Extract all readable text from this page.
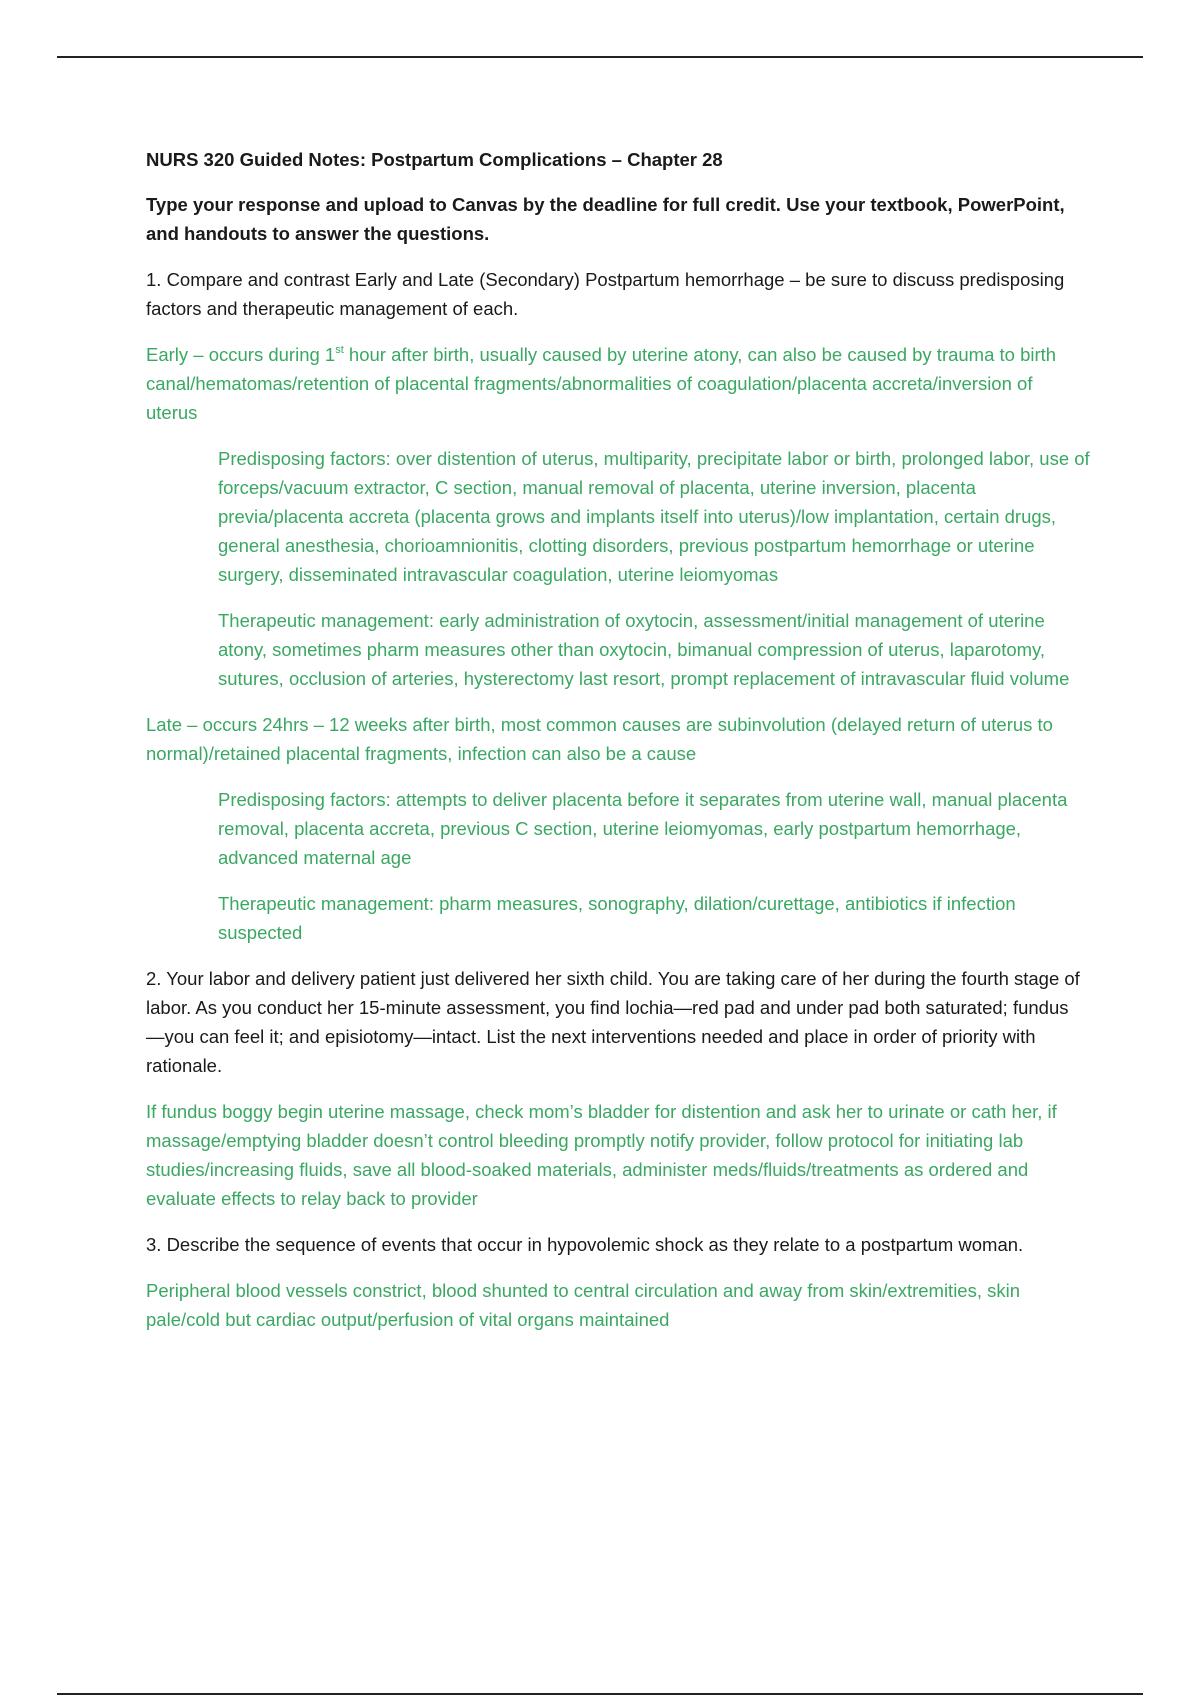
NURS 320 Guided Notes: Postpartum Complications – Chapter 28

Type your response and upload to Canvas by the deadline for full credit. Use your textbook, PowerPoint, and handouts to answer the questions.

1. Compare and contrast Early and Late (Secondary) Postpartum hemorrhage – be sure to discuss predisposing factors and therapeutic management of each.

Early – occurs during 1st hour after birth, usually caused by uterine atony, can also be caused by trauma to birth canal/hematomas/retention of placental fragments/abnormalities of coagulation/placenta accreta/inversion of uterus

Predisposing factors: over distention of uterus, multiparity, precipitate labor or birth, prolonged labor, use of forceps/vacuum extractor, C section, manual removal of placenta, uterine inversion, placenta previa/placenta accreta (placenta grows and implants itself into uterus)/low implantation, certain drugs, general anesthesia, chorioamnionitis, clotting disorders, previous postpartum hemorrhage or uterine surgery, disseminated intravascular coagulation, uterine leiomyomas

Therapeutic management: early administration of oxytocin, assessment/initial management of uterine atony, sometimes pharm measures other than oxytocin, bimanual compression of uterus, laparotomy, sutures, occlusion of arteries, hysterectomy last resort, prompt replacement of intravascular fluid volume

Late – occurs 24hrs – 12 weeks after birth, most common causes are subinvolution (delayed return of uterus to normal)/retained placental fragments, infection can also be a cause

Predisposing factors: attempts to deliver placenta before it separates from uterine wall, manual placenta removal, placenta accreta, previous C section, uterine leiomyomas, early postpartum hemorrhage, advanced maternal age

Therapeutic management: pharm measures, sonography, dilation/curettage, antibiotics if infection suspected

2. Your labor and delivery patient just delivered her sixth child. You are taking care of her during the fourth stage of labor. As you conduct her 15-minute assessment, you find lochia—red pad and under pad both saturated; fundus—you can feel it; and episiotomy—intact. List the next interventions needed and place in order of priority with rationale.

If fundus boggy begin uterine massage, check mom’s bladder for distention and ask her to urinate or cath her, if massage/emptying bladder doesn’t control bleeding promptly notify provider, follow protocol for initiating lab studies/increasing fluids, save all blood-soaked materials, administer meds/fluids/treatments as ordered and evaluate effects to relay back to provider

3. Describe the sequence of events that occur in hypovolemic shock as they relate to a postpartum woman.

Peripheral blood vessels constrict, blood shunted to central circulation and away from skin/extremities, skin pale/cold but cardiac output/perfusion of vital organs maintained
